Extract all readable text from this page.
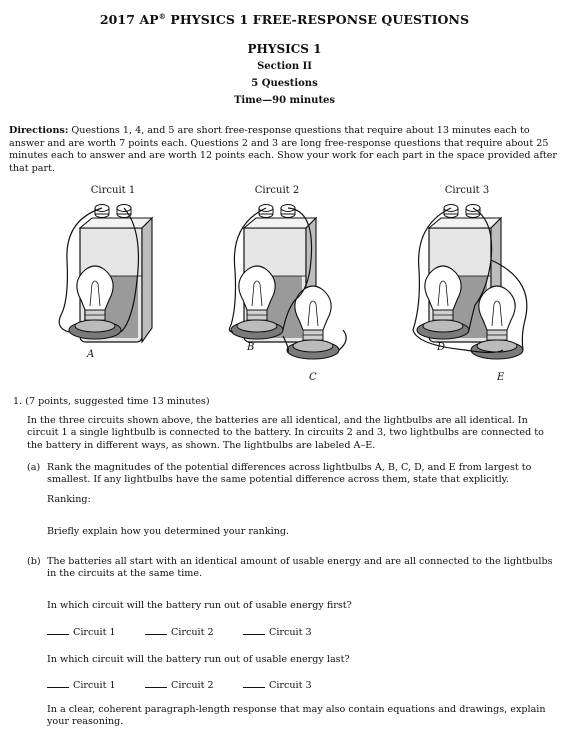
2017 AP® PHYSICS 1 FREE-RESPONSE QUESTIONS
PHYSICS 1
Section II
5 Questions
Time—90 minutes
Directions: Questions 1, 4, and 5 are short free-response questions that require about 13 minutes each to answer and are worth 7 points each. Questions 2 and 3 are long free-response questions that require about 25 minutes each to answer and are worth 12 points each. Show your work for each part in the space provided after that part.
Circuit 1	Circuit 2	Circuit 3
A
B
C
D
E
1. (7 points, suggested time 13 minutes)
In the three circuits shown above, the batteries are all identical, and the lightbulbs are all identical. In circuit 1 a single lightbulb is connected to the battery. In circuits 2 and 3, two lightbulbs are connected to the battery in different ways, as shown. The lightbulbs are labeled A–E.
(a) Rank the magnitudes of the potential differences across lightbulbs A, B, C, D, and E from largest to smallest. If any lightbulbs have the same potential difference across them, state that explicitly.
Ranking:
Briefly explain how you determined your ranking.
(b) The batteries all start with an identical amount of usable energy and are all connected to the lightbulbs in the circuits at the same time.
In which circuit will the battery run out of usable energy first?
Circuit 1	Circuit 2	Circuit 3
In which circuit will the battery run out of usable energy last?
Circuit 1	Circuit 2	Circuit 3
In a clear, coherent paragraph-length response that may also contain equations and drawings, explain your reasoning.
